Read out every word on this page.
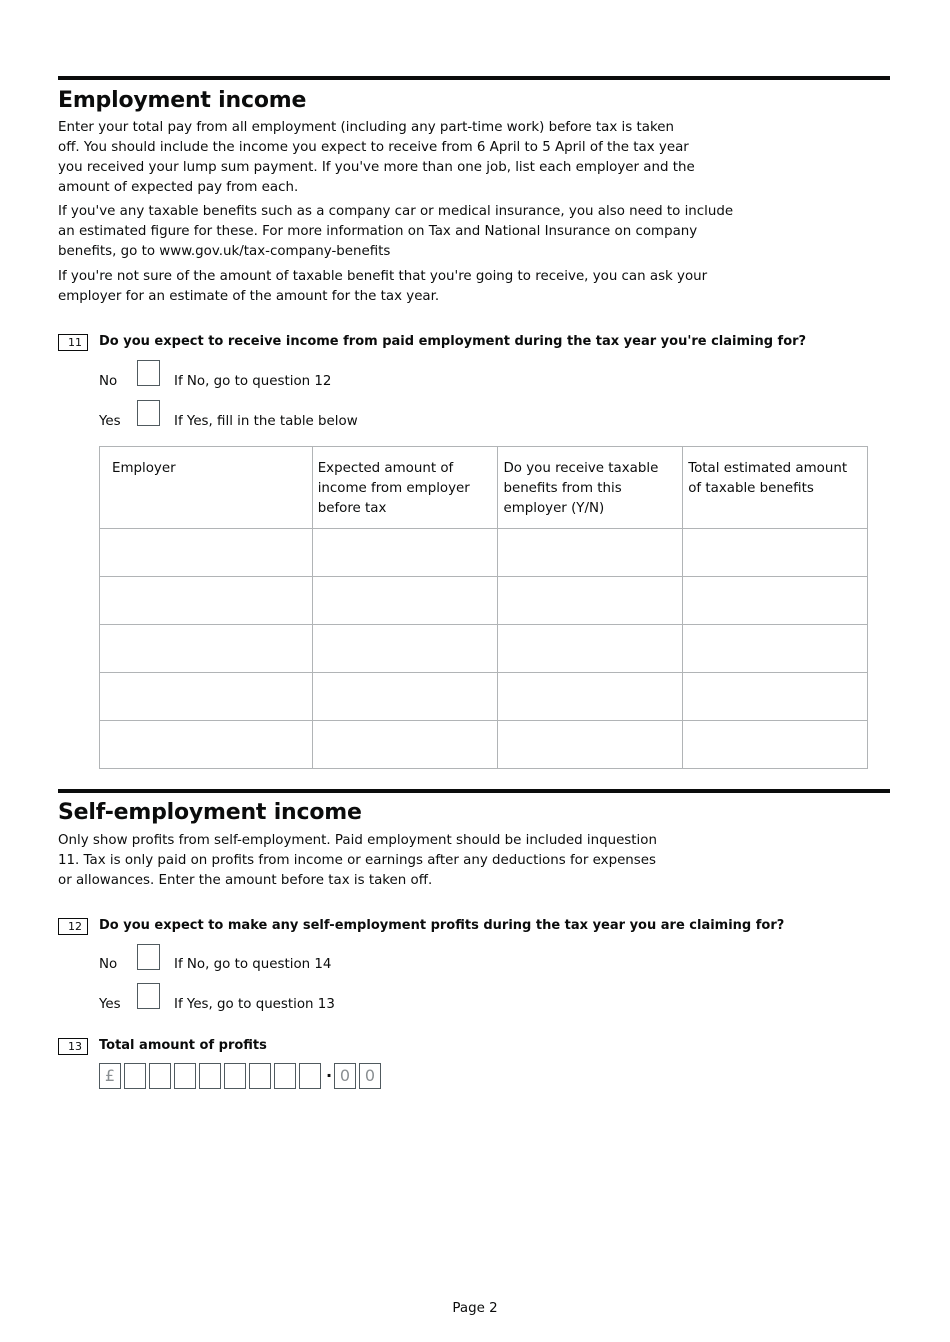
Employment income

Enter your total pay from all employment (including any part-time work) before tax is taken off. You should include the income you expect to receive from 6 April to 5 April of the tax year you received your lump sum payment. If you've more than one job, list each employer and the amount of expected pay from each.

If you've any taxable benefits such as a company car or medical insurance, you also need to include an estimated figure for these. For more information on Tax and National Insurance on company benefits, go to www.gov.uk/tax-company-benefits

If you're not sure of the amount of taxable benefit that you're going to receive, you can ask your employer for an estimate of the amount for the tax year.

11	Do you expect to receive income from paid employment during the tax year you're claiming for?
No	If No, go to question 12
Yes	If Yes, fill in the table below
Employer	Expected amount of income from employer before tax	Do you receive taxable benefits from this employer (Y/N)	Total estimated amount of taxable benefits

Self-employment income

Only show profits from self-employment. Paid employment should be included inquestion 11. Tax is only paid on profits from income or earnings after any deductions for expenses or allowances. Enter the amount before tax is taken off.

12	Do you expect to make any self-employment profits during the tax year you are claiming for?
No	If No, go to question 14
Yes	If Yes, go to question 13
13	Total amount of profits
£	· 0 0
Page 2
